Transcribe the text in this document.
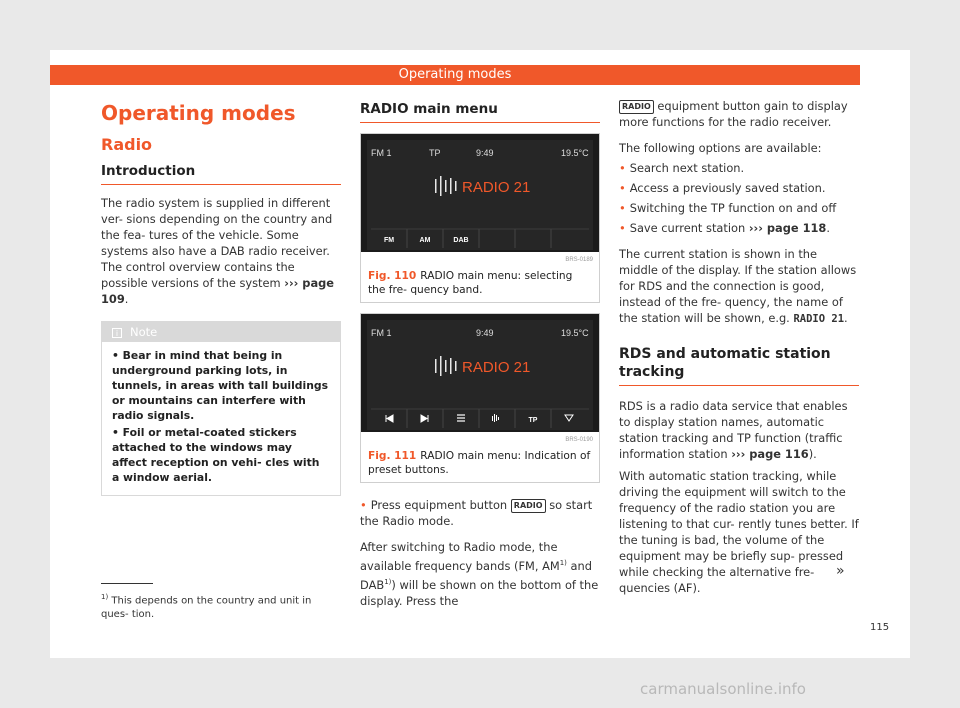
Operating modes
Operating modes
Radio
Introduction
The radio system is supplied in different ver- sions depending on the country and the fea- tures of the vehicle. Some systems also have a DAB radio receiver. The control overview contains the possible versions of the system ››› page 109.
i Note
• Bear in mind that being in underground parking lots, in tunnels, in areas with tall buildings or mountains can interfere with radio signals.
• Foil or metal-coated stickers attached to the windows may affect reception on vehi- cles with a window aerial.
RADIO main menu
FM 1	TP	9:49	19.5°C
RADIO 21
FM	AM	DAB
BRS-0189
Fig. 110 RADIO main menu: selecting the fre- quency band.
FM 1	9:49	19.5°C
RADIO 21
TP
BRS-0190
Fig. 111 RADIO main menu: Indication of preset buttons.
• Press equipment button RADIO so start the Radio mode.
After switching to Radio mode, the available frequency bands (FM, AM$^{1)}$ and DAB$^{1)}$) will be shown on the bottom of the display. Press the
RADIO equipment button gain to display more functions for the radio receiver.
The following options are available:
• Search next station.
• Access a previously saved station.
• Switching the TP function on and off
• Save current station ››› page 118.
The current station is shown in the middle of the display. If the station allows for RDS and the connection is good, instead of the fre- quency, the name of the station will be shown, e.g. RADIO 21.
RDS and automatic station tracking
RDS is a radio data service that enables to display station names, automatic station tracking and TP function (traffic information station ››› page 116).
With automatic station tracking, while driving the equipment will switch to the frequency of the radio station you are listening to that cur- rently tunes better. If the tuning is bad, the volume of the equipment may be briefly sup- pressed while checking the alternative fre- quencies (AF).
»
$^{1)}$ This depends on the country and unit in ques- tion.
115
carmanualsonline.info
